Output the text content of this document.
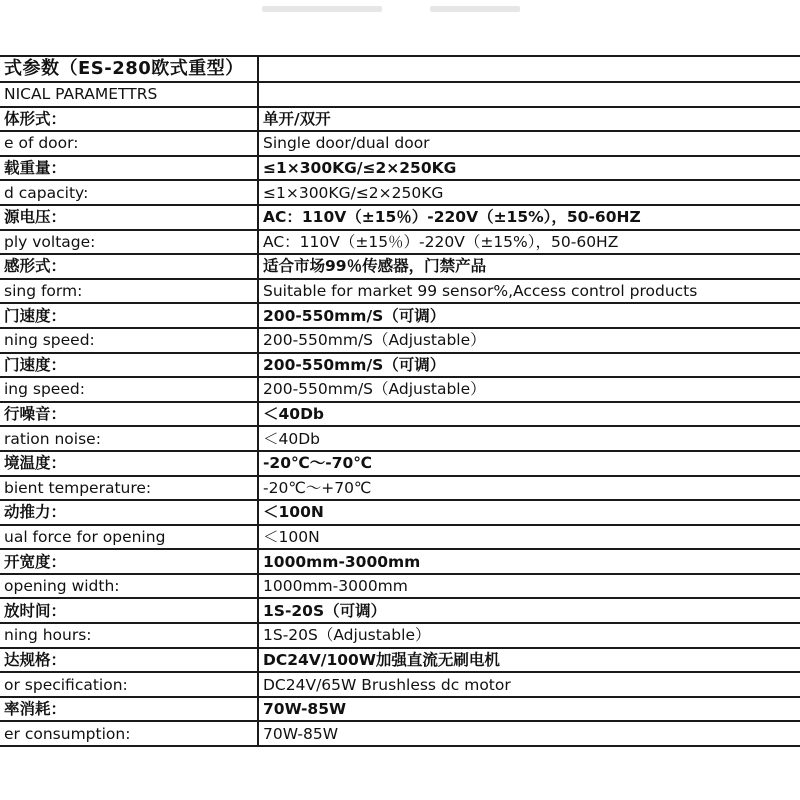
式参数（ES-280欧式重型）	
NICAL PARAMETTRS	
体形式：	单开/双开
e of door:	Single door/dual door
载重量：	≤1×300KG/≤2×250KG
d capacity:	≤1×300KG/≤2×250KG
源电压：	AC：110V（±15％）-220V（±15%），50-60HZ
ply voltage:	AC：110V（±15％）-220V（±15%），50-60HZ
感形式：	适合市场99％传感器，门禁产品
sing form:	Suitable for market 99 sensor%,Access control products
门速度：	200-550mm/S（可调）
ning speed:	200-550mm/S（Adjustable）
门速度：	200-550mm/S（可调）
ing speed:	200-550mm/S（Adjustable）
行噪音：	＜40Db
ration noise:	＜40Db
境温度：	-20℃～-70℃
bient temperature:	-20℃～+70℃
动推力：	＜100N
ual force for opening	＜100N
开宽度：	1000mm-3000mm
opening width:	1000mm-3000mm
放时间：	1S-20S（可调）
ning hours:	1S-20S（Adjustable）
达规格：	DC24V/100W加强直流无刷电机
or specification:	DC24V/65W Brushless dc motor
率消耗：	70W-85W
er consumption:	70W-85W
